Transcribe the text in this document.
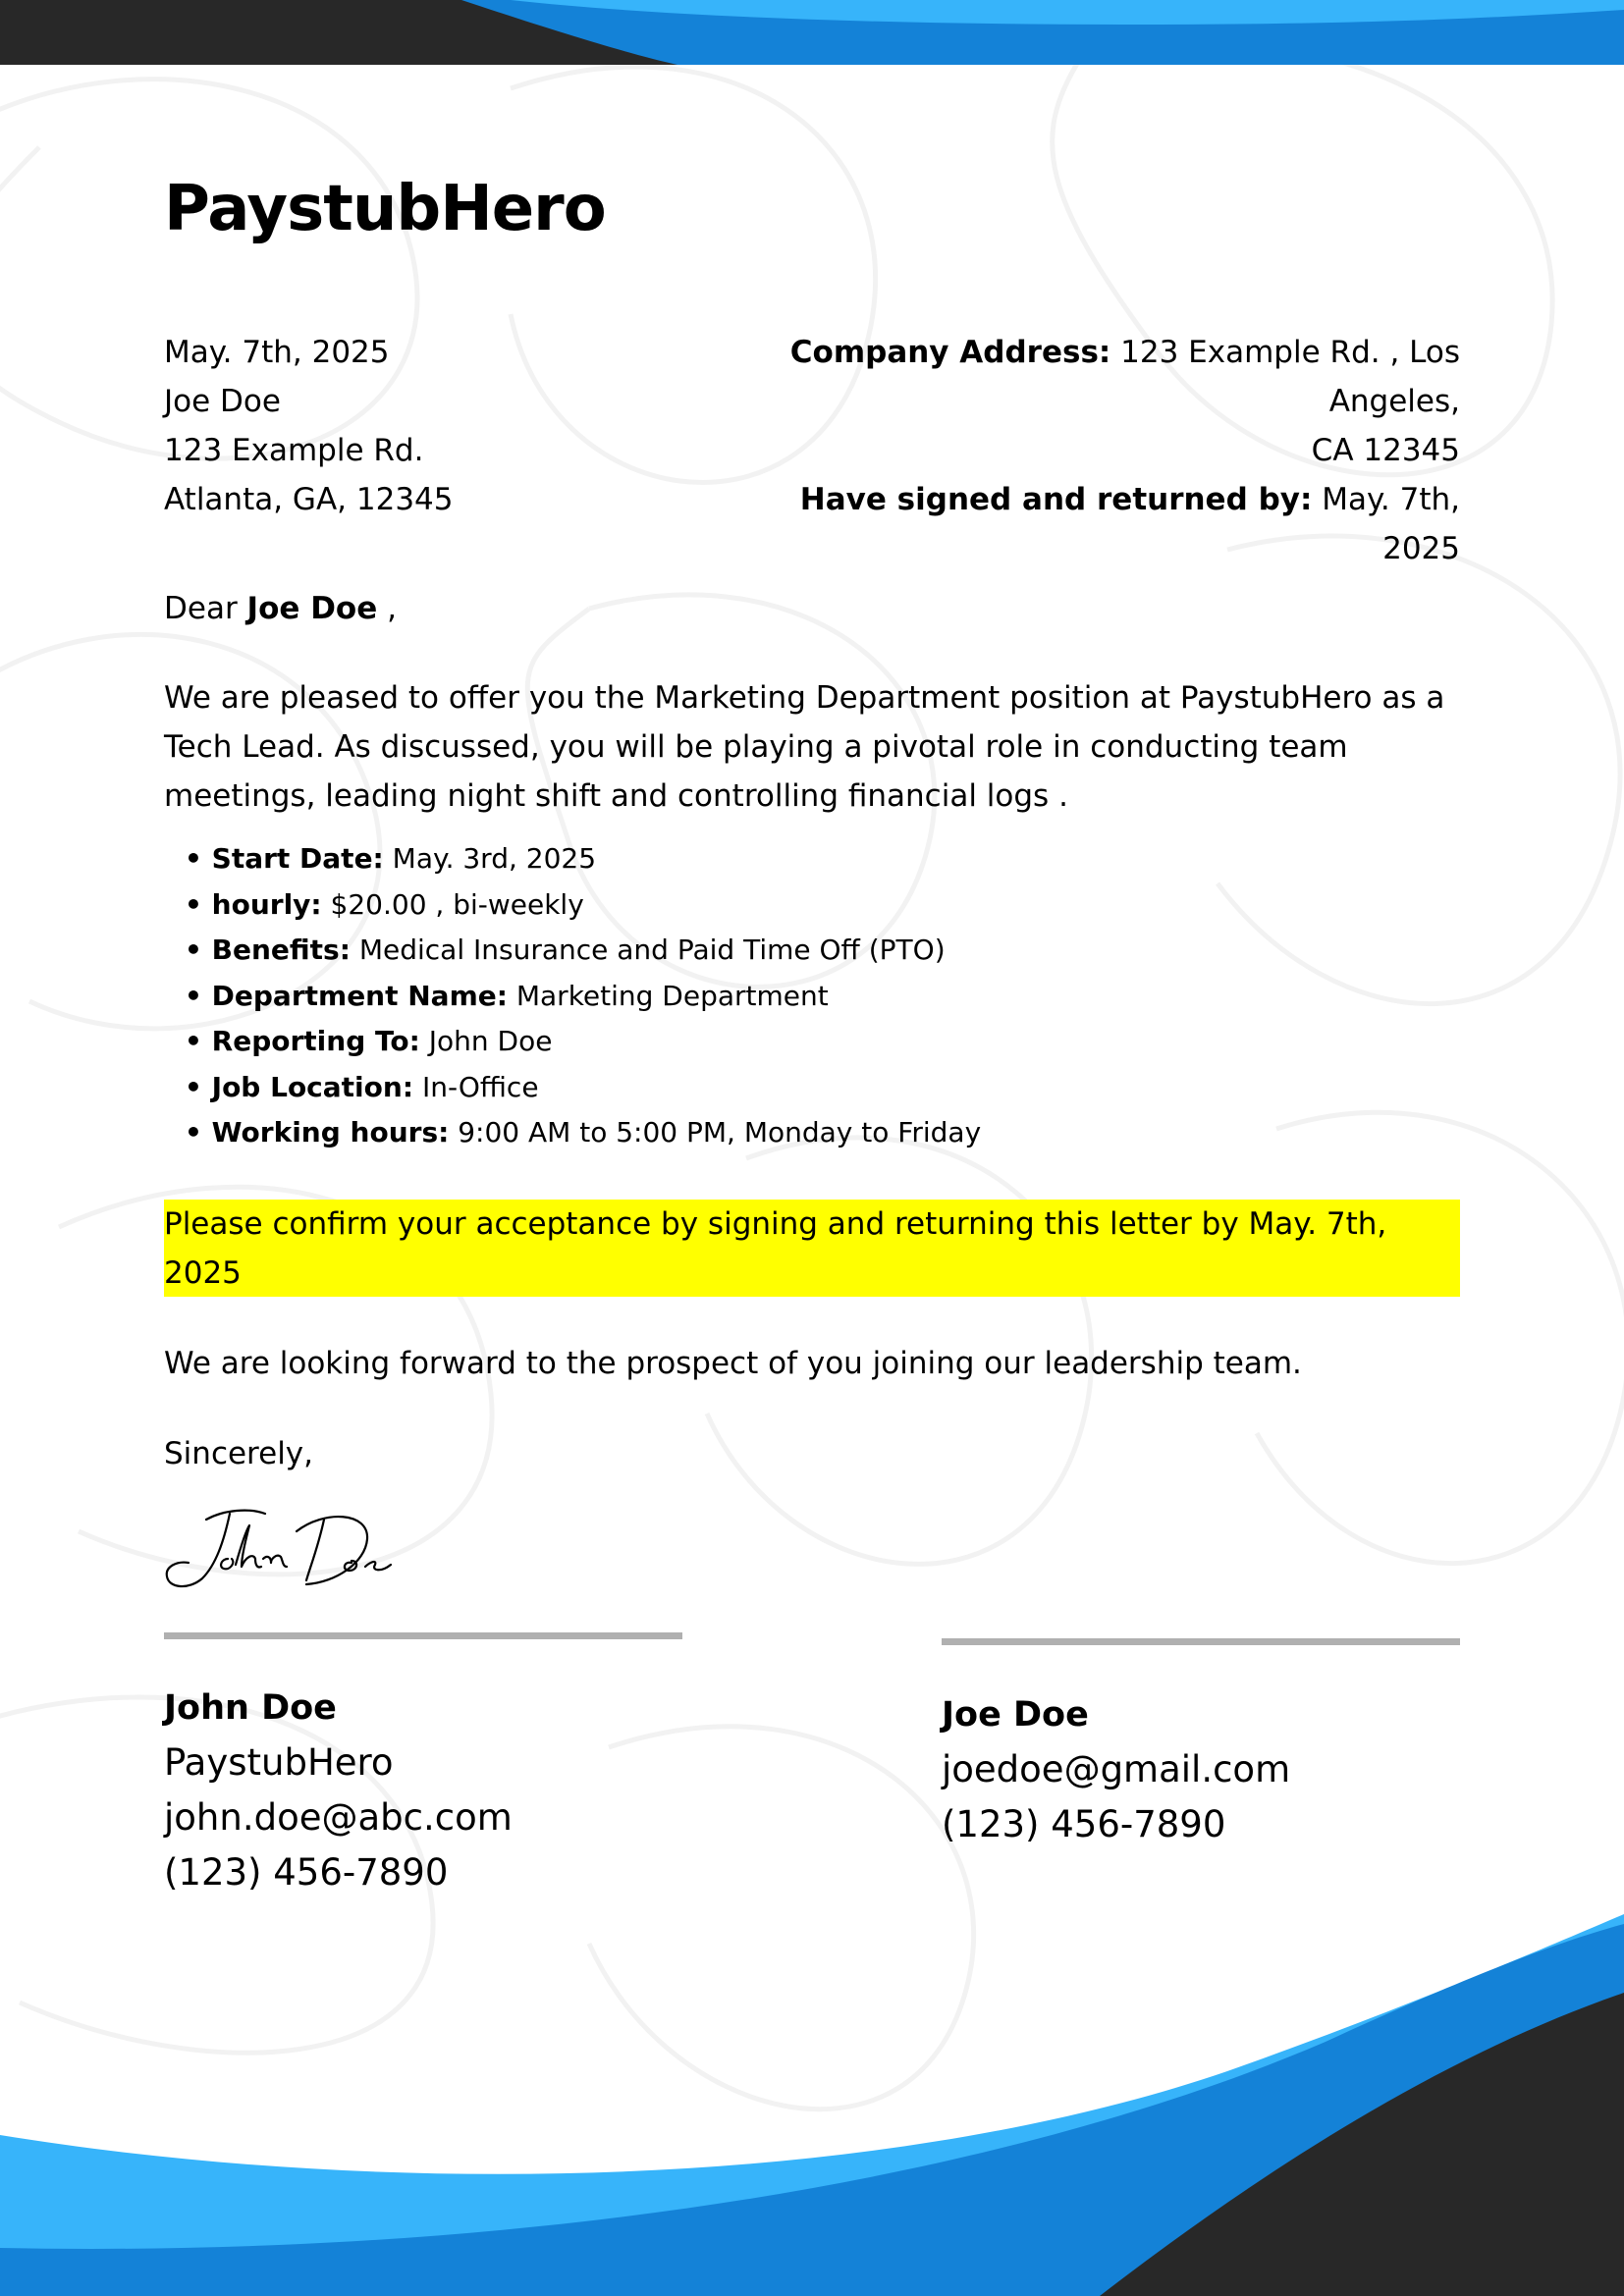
PaystubHero
May. 7th, 2025
Joe Doe
123 Example Rd.
Atlanta, GA, 12345
Company Address: 123 Example Rd. , Los Angeles,
CA 12345
Have signed and returned by: May. 7th, 2025
Dear Joe Doe ,
We are pleased to offer you the Marketing Department position at PaystubHero as a Tech Lead. As discussed, you will be playing a pivotal role in conducting team meetings, leading night shift and controlling financial logs .
• Start Date: May. 3rd, 2025
• hourly: $20.00 , bi-weekly
• Benefits: Medical Insurance and Paid Time Off (PTO)
• Department Name: Marketing Department
• Reporting To: John Doe
• Job Location: In-Office
• Working hours: 9:00 AM to 5:00 PM, Monday to Friday
Please confirm your acceptance by signing and returning this letter by May. 7th, 2025
We are looking forward to the prospect of you joining our leadership team.
Sincerely,
John Doe
PaystubHero
john.doe@abc.com
(123) 456-7890
Joe Doe
joedoe@gmail.com
(123) 456-7890
